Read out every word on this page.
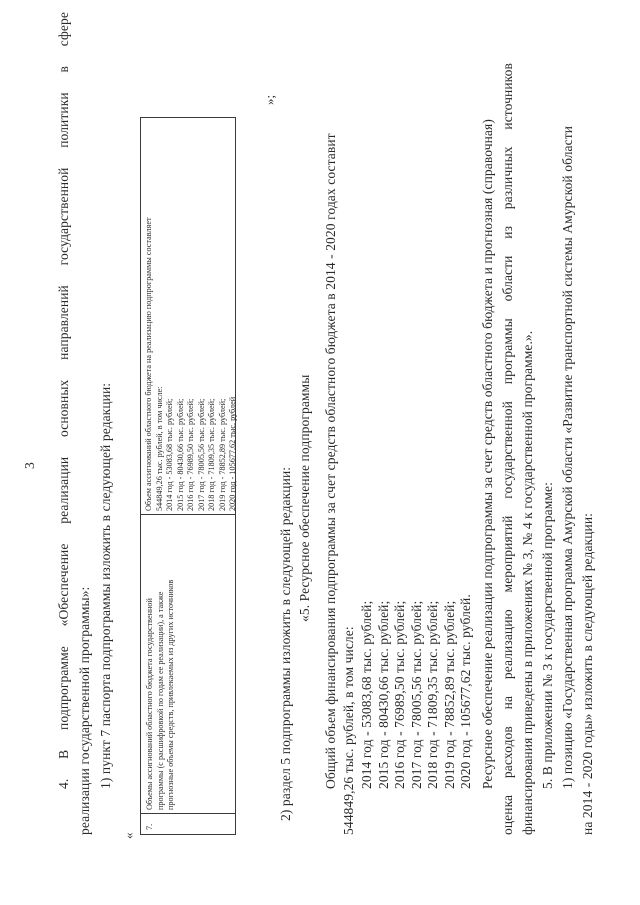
3
4.
В
подпрограмме
«Обеспечение
реализации
основных
направлений
государственной
политики
в
сфере
реализации государственной программы»: 1) пункт 7 паспорта подпрограммы изложить в следующей редакции:
«
7.
Объемы ассигнований областного бюджета государственной программы (с расшифровкой по годам ее реализации), а также прогнозные объемы средств, привлекаемых из других источников
Объем ассигнований областного бюджета на реализацию подпрограммы составляет 544849,26 тыс. рублей, в том числе: 2014 год - 53083,68 тыс. рублей; 2015 год - 80430,66 тыс. рублей; 2016 год - 76989,50 тыс. рублей; 2017 год - 78005,56 тыс. рублей; 2018 год - 71809,35 тыс. рублей; 2019 год - 78852,89 тыс. рублей; 2020 год - 105677,62 тыс. рублей
»;
2) раздел 5 подпрограммы изложить в следующей редакции: «5. Ресурсное обеспечение подпрограммы Общий объем финансирования подпрограммы за счет средств областного бюджета в 2014 - 2020 годах составит 544849,26 тыс. рублей, в том числе: 2014 год - 53083,68 тыс. рублей; 2015 год - 80430,66 тыс. рублей; 2016 год - 76989,50 тыс. рублей; 2017 год - 78005,56 тыс. рублей; 2018 год - 71809,35 тыс. рублей; 2019 год - 78852,89 тыс. рублей; 2020 год - 105677,62 тыс. рублей. Ресурсное обеспечение реализации подпрограммы за счет средств областного бюджета и прогнозная (справочная)
оценка
расходов
на
реализацию
мероприятий
государственной
программы
области
из
различных
источников
финансирования приведены в приложениях № 3, № 4 к государственной программе.». 5. В приложении № 3 к государственной программе: 1) позицию «Государственная программа Амурской области «Развитие транспортной системы Амурской области на 2014 - 2020 годы» изложить в следующей редакции:
